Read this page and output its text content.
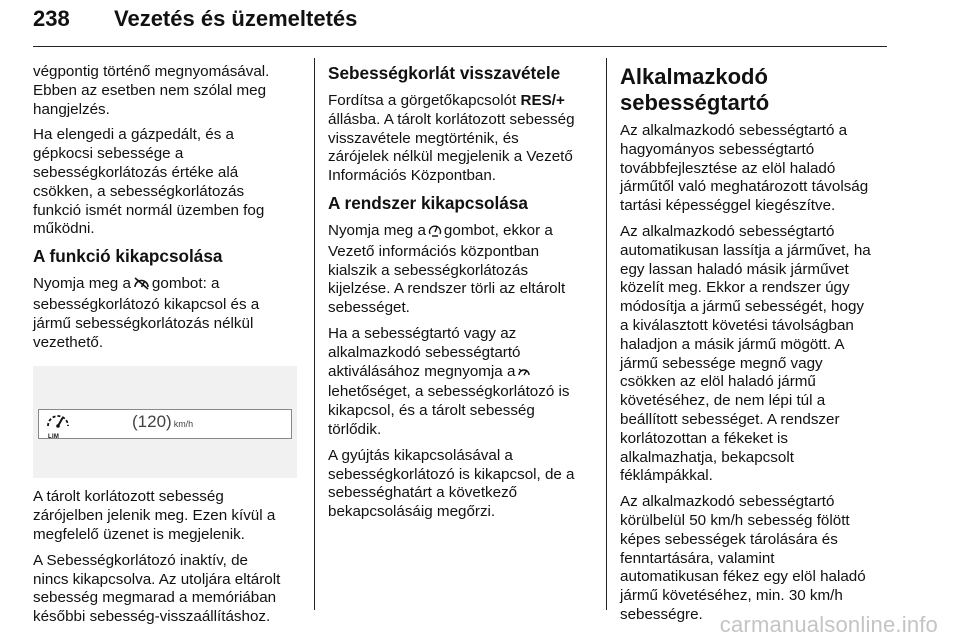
238 Vezetés és üzemeltetés

végpontig történő megnyomásával.
Ebben az esetben nem szólal meg
hangjelzés.

Ha elengedi a gázpedált, és a
gépkocsi sebessége a
sebességkorlátozás értéke alá
csökken, a sebességkorlátozás
funkció ismét normál üzemben fog
működni.

A funkció kikapcsolása

Nyomja meg a gombot: a
sebességkorlátozó kikapcsol és a
jármű sebességkorlátozás nélkül
vezethető.

LIM
(120) km/h

A tárolt korlátozott sebesség
zárójelben jelenik meg. Ezen kívül a
megfelelő üzenet is megjelenik.

A Sebességkorlátozó inaktív, de
nincs kikapcsolva. Az utoljára eltárolt
sebesség megmarad a memóriában
későbbi sebesség-visszaállításhoz.

Sebességkorlát visszavétele

Fordítsa a görgetőkapcsolót RES/+
állásba. A tárolt korlátozott sebesség
visszavétele megtörténik, és
zárójelek nélkül megjelenik a Vezető
Információs Központban.

A rendszer kikapcsolása

Nyomja meg a gombot, ekkor a
Vezető információs központban
kialszik a sebességkorlátozás
kijelzése. A rendszer törli az eltárolt
sebességet.

Ha a sebességtartó vagy az
alkalmazkodó sebességtartó
aktiválásához megnyomja a
lehetőséget, a sebességkorlátozó is
kikapcsol, és a tárolt sebesség
törlődik.

A gyújtás kikapcsolásával a
sebességkorlátozó is kikapcsol, de a
sebességhatárt a következő
bekapcsolásáig megőrzi.

Alkalmazkodó
sebességtartó

Az alkalmazkodó sebességtartó a
hagyományos sebességtartó
továbbfejlesztése az elöl haladó
járműtől való meghatározott távolság
tartási képességgel kiegészítve.

Az alkalmazkodó sebességtartó
automatikusan lassítja a járművet, ha
egy lassan haladó másik járművet
közelít meg. Ekkor a rendszer úgy
módosítja a jármű sebességét, hogy
a kiválasztott követési távolságban
haladjon a másik jármű mögött. A
jármű sebessége megnő vagy
csökken az elöl haladó jármű
követéséhez, de nem lépi túl a
beállított sebességet. A rendszer
korlátozottan a fékeket is
alkalmazhatja, bekapcsolt
féklámpákkal.

Az alkalmazkodó sebességtartó
körülbelül 50 km/h sebesség fölött
képes sebességek tárolására és
fenntartására, valamint
automatikusan fékez egy elöl haladó
jármű követéséhez, min. 30 km/h
sebességre. carmanualsonline.info
